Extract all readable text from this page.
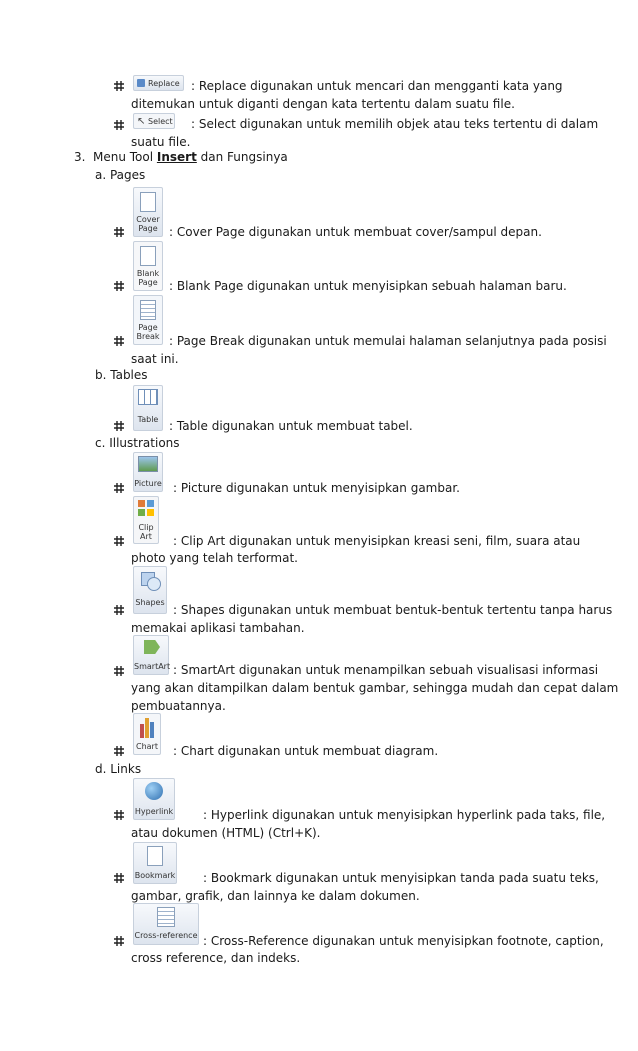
Replace : Replace digunakan untuk mencari dan mengganti kata yang
ditemukan untuk diganti dengan kata tertentu dalam suatu file.
↖ Select : Select digunakan untuk memilih objek atau teks tertentu di dalam
suatu file.
3. Menu Tool Insert dan Fungsinya
a. Pages
Cover Page : Cover Page digunakan untuk membuat cover/sampul depan.
Blank Page : Blank Page digunakan untuk menyisipkan sebuah halaman baru.
Page Break : Page Break digunakan untuk memulai halaman selanjutnya pada posisi
saat ini.
b. Tables
Table : Table digunakan untuk membuat tabel.
c. Illustrations
Picture : Picture digunakan untuk menyisipkan gambar.
Clip Art	: Clip Art digunakan untuk menyisipkan kreasi seni, film, suara atau
photo yang telah terformat.
Shapes
: Shapes digunakan untuk membuat bentuk-bentuk tertentu tanpa harus
memakai aplikasi tambahan.
SmartArt : SmartArt digunakan untuk menampilkan sebuah visualisasi informasi
yang akan ditampilkan dalam bentuk gambar, sehingga mudah dan cepat dalam
pembuatannya.
Chart : Chart digunakan untuk membuat diagram.
d. Links
Hyperlink : Hyperlink digunakan untuk menyisipkan hyperlink pada taks, file,
atau dokumen (HTML) (Ctrl+K).
Bookmark : Bookmark digunakan untuk menyisipkan tanda pada suatu teks,
gambar, grafik, dan lainnya ke dalam dokumen.
Cross-reference : Cross-Reference digunakan untuk menyisipkan footnote, caption,
cross reference, dan indeks.
